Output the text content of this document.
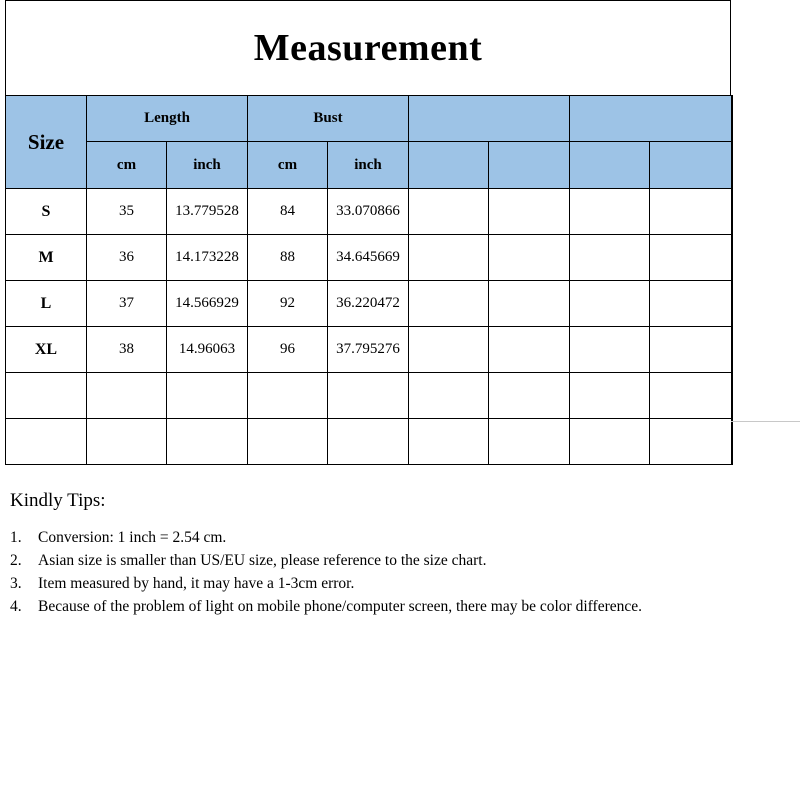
Measurement
Size	Length		Bust					
	cm	inch	cm	inch				
S	35	13.779528	84	33.070866				
M	36	14.173228	88	34.645669				
L	37	14.566929	92	36.220472				
XL	38	14.96063	96	37.795276				

Kindly Tips:

1.	Conversion: 1 inch = 2.54 cm.
2.	Asian size is smaller than US/EU size, please reference to the size chart.
3.	Item measured by hand, it may have a 1-3cm error.
4.	Because of the problem of light on mobile phone/computer screen, there may be color difference.
